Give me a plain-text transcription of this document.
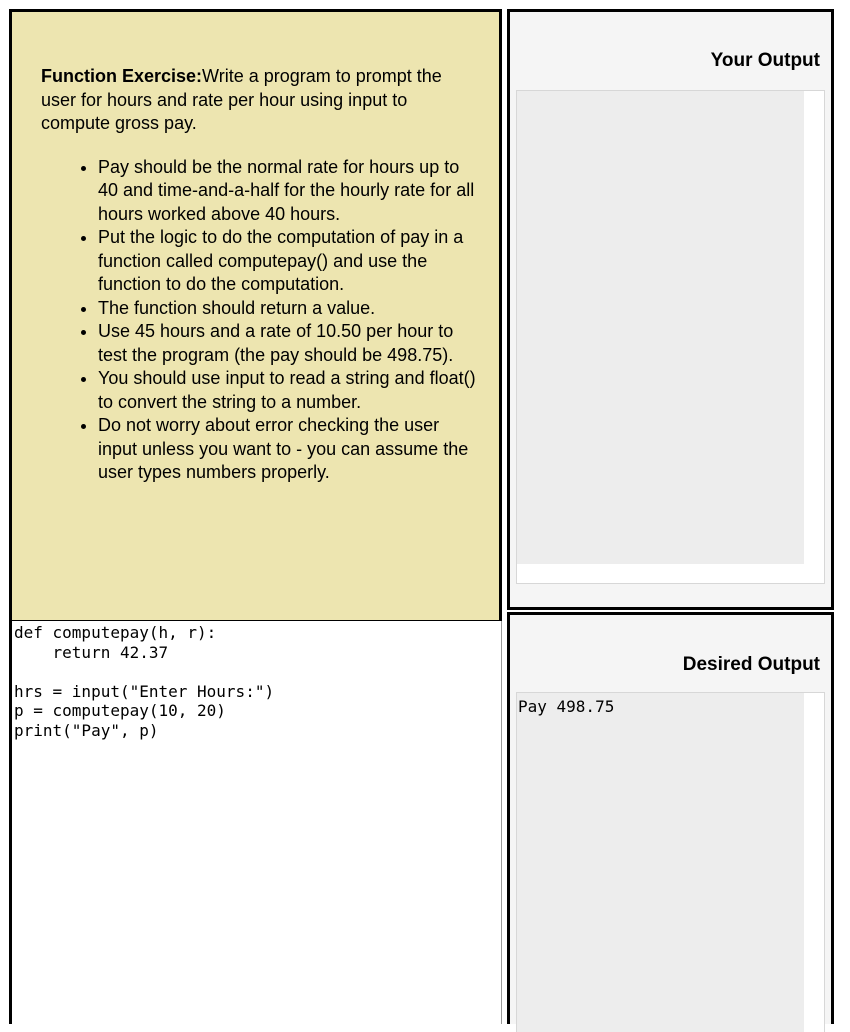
Function Exercise:Write a program to prompt the user for hours and rate per hour using input to compute gross pay.
• Pay should be the normal rate for hours up to 40 and time-and-a-half for the hourly rate for all hours worked above 40 hours.
• Put the logic to do the computation of pay in a function called computepay() and use the function to do the computation.
• The function should return a value.
• Use 45 hours and a rate of 10.50 per hour to test the program (the pay should be 498.75).
• You should use input to read a string and float() to convert the string to a number.
• Do not worry about error checking the user input unless you want to - you can assume the user types numbers properly.
def computepay(h, r): return 42.37 hrs = input("Enter Hours:") p = computepay(10, 20) print("Pay", p)
Your Output
Desired Output
Pay 498.75
